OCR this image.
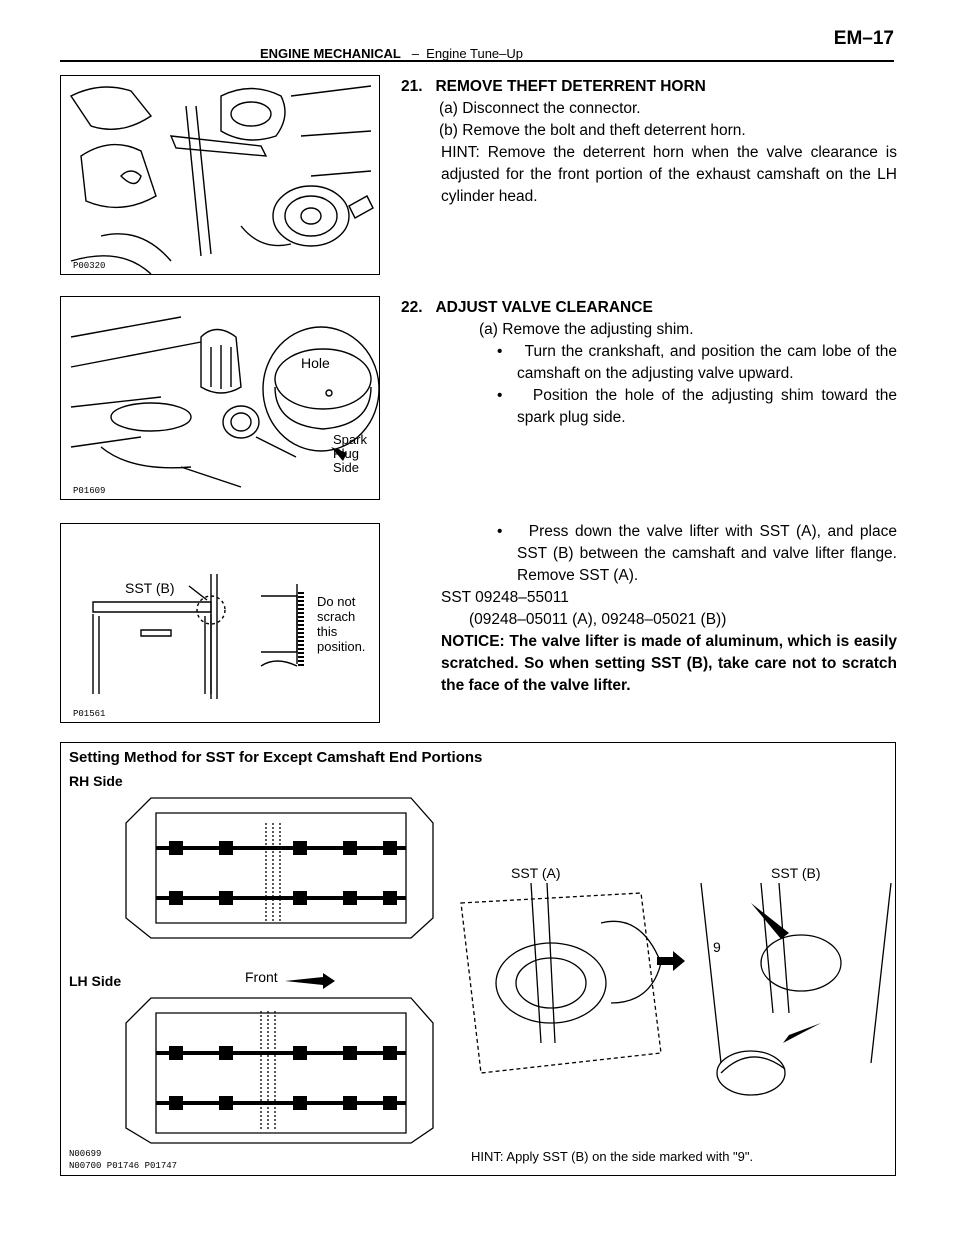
ENGINE MECHANICAL – Engine Tune–Up
EM–17
P00320
Hole
Spark
Plug
Side
P01609
SST (B)
Do not
scrach
this
position.
P01561

21. REMOVE THEFT DETERRENT HORN

(a) Disconnect the connector.

(b) Remove the bolt and theft deterrent horn.

HINT: Remove the deterrent horn when the valve clearance is adjusted for the front portion of the exhaust camshaft on the LH cylinder head.

22. ADJUST VALVE CLEARANCE

(a) Remove the adjusting shim.

• Turn the crankshaft, and position the cam lobe of the camshaft on the adjusting valve upward.

• Position the hole of the adjusting shim toward the spark plug side.

• Press down the valve lifter with SST (A), and place SST (B) between the camshaft and valve lifter flange. Remove SST (A).

SST 09248–55011

(09248–05011 (A), 09248–05021 (B))

NOTICE: The valve lifter is made of aluminum, which is easily scratched. So when setting SST (B), take care not to scratch the face of the valve lifter.

Setting Method for SST for Except Camshaft End Portions
RH Side
LH Side	Front
SST (A)	SST (B)
9
HINT: Apply SST (B) on the side marked with "9".
N00699
N00700 P01746 P01747
